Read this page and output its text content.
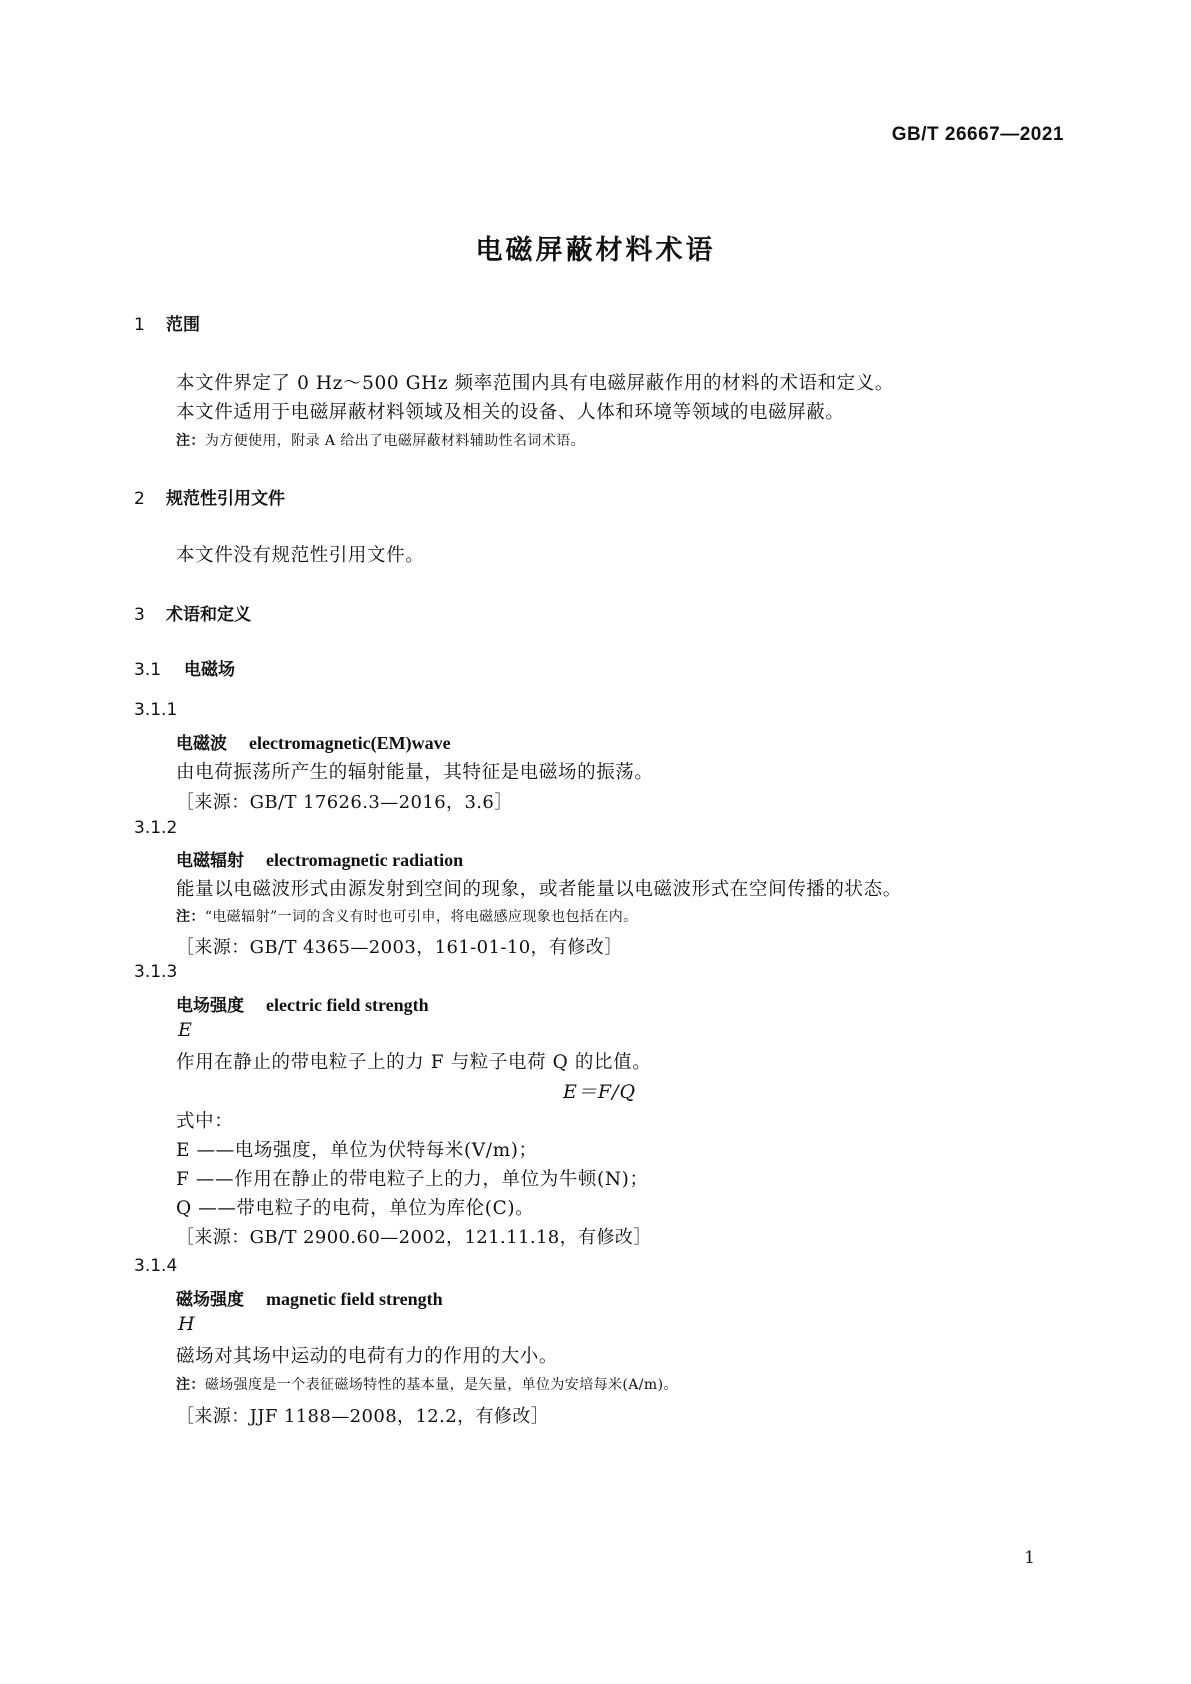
GB/T 26667—2021
电磁屏蔽材料术语
1 范围
本文件界定了 0 Hz～500 GHz 频率范围内具有电磁屏蔽作用的材料的术语和定义。
本文件适用于电磁屏蔽材料领域及相关的设备、人体和环境等领域的电磁屏蔽。
注：为方便使用，附录 A 给出了电磁屏蔽材料辅助性名词术语。
2 规范性引用文件
本文件没有规范性引用文件。
3 术语和定义
3.1 电磁场
3.1.1
电磁波 electromagnetic(EM)wave
由电荷振荡所产生的辐射能量，其特征是电磁场的振荡。
［来源：GB/T 17626.3—2016，3.6］
3.1.2
电磁辐射 electromagnetic radiation
能量以电磁波形式由源发射到空间的现象，或者能量以电磁波形式在空间传播的状态。
注：“电磁辐射”一词的含义有时也可引申，将电磁感应现象也包括在内。
［来源：GB/T 4365—2003，161-01-10，有修改］
3.1.3
电场强度 electric field strength
E
作用在静止的带电粒子上的力 F 与粒子电荷 Q 的比值。
E＝F/Q
式中：
E ——电场强度，单位为伏特每米(V/m)；
F ——作用在静止的带电粒子上的力，单位为牛顿(N)；
Q ——带电粒子的电荷，单位为库伦(C)。
［来源：GB/T 2900.60—2002，121.11.18，有修改］
3.1.4
磁场强度 magnetic field strength
H
磁场对其场中运动的电荷有力的作用的大小。
注：磁场强度是一个表征磁场特性的基本量，是矢量，单位为安培每米(A/m)。
［来源：JJF 1188—2008，12.2，有修改］
1
